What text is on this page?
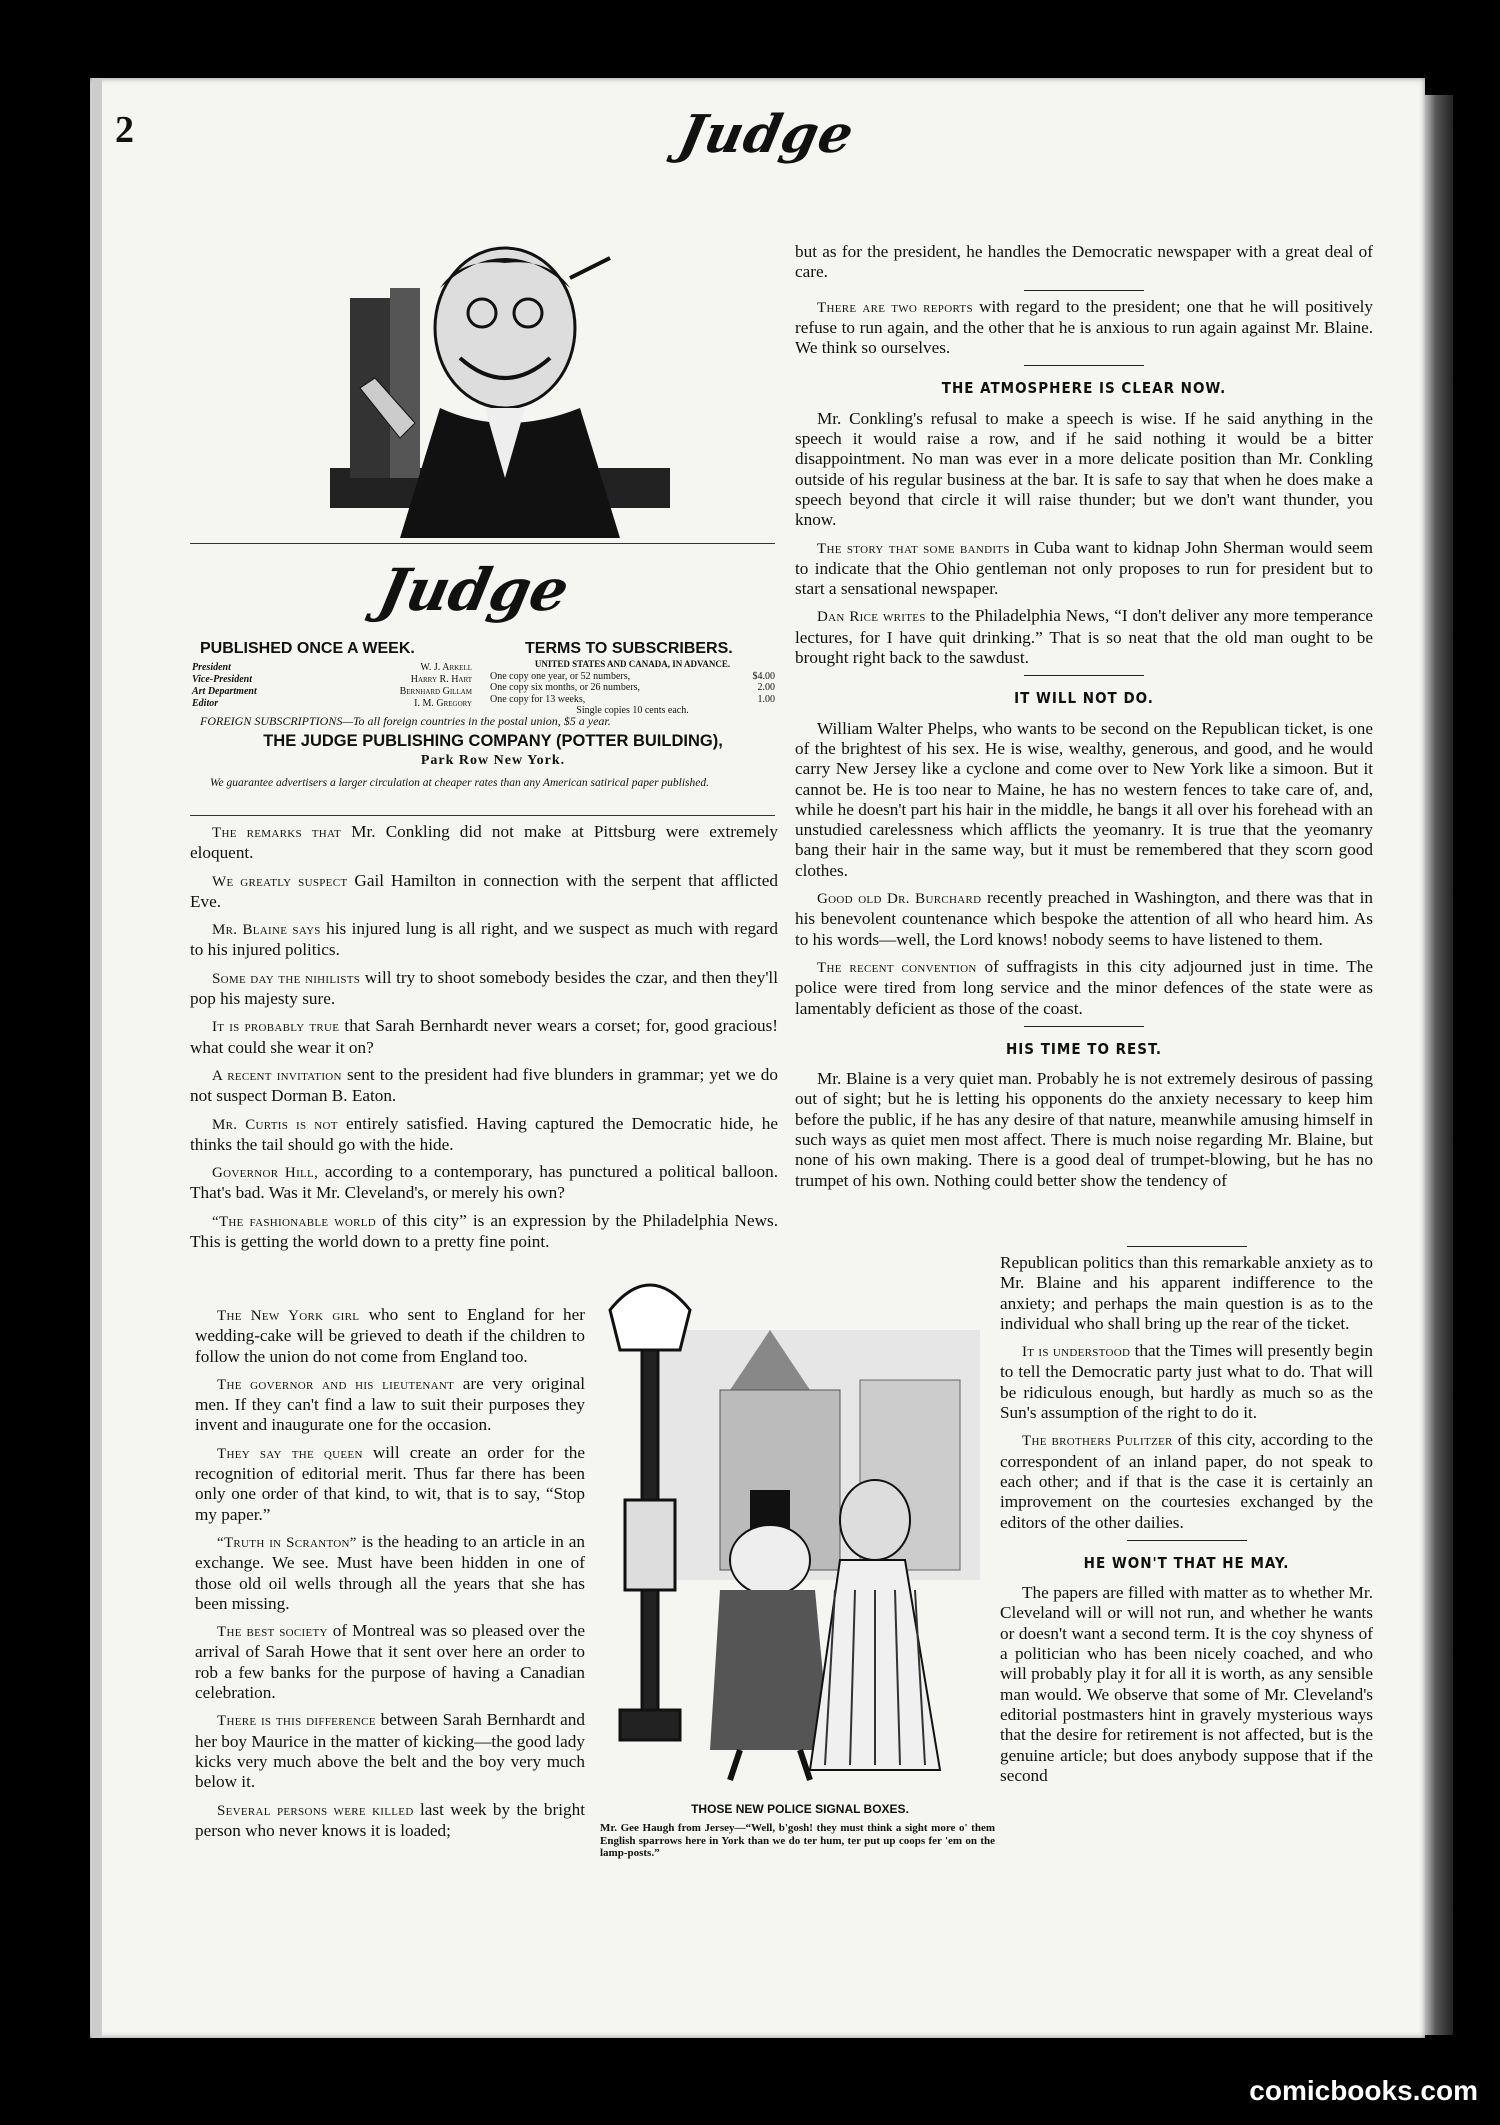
2	Judge
Judge
PUBLISHED ONCE A WEEK.	TERMS TO SUBSCRIBERS.
President	W. J. Arkell
Vice-President	Harry R. Hart
Art Department	Bernhard Gillam
Editor	I. M. Gregory
UNITED STATES AND CANADA, IN ADVANCE.
One copy one year, or 52 numbers,	$4.00
One copy six months, or 26 numbers,	2.00
One copy for 13 weeks,	1.00
Single copies 10 cents each.
FOREIGN SUBSCRIPTIONS—To all foreign countries in the postal union, $5 a year.
THE JUDGE PUBLISHING COMPANY (POTTER BUILDING),
Park Row New York.
We guarantee advertisers a larger circulation at cheaper rates than any American satirical paper published.

The remarks that Mr. Conkling did not make at Pittsburg were extremely eloquent.

We greatly suspect Gail Hamilton in connection with the serpent that afflicted Eve.

Mr. Blaine says his injured lung is all right, and we suspect as much with regard to his injured politics.

Some day the nihilists will try to shoot somebody besides the czar, and then they'll pop his majesty sure.

It is probably true that Sarah Bernhardt never wears a corset; for, good gracious! what could she wear it on?

A recent invitation sent to the president had five blunders in grammar; yet we do not suspect Dorman B. Eaton.

Mr. Curtis is not entirely satisfied. Having captured the Democratic hide, he thinks the tail should go with the hide.

Governor Hill, according to a contemporary, has punctured a political balloon. That's bad. Was it Mr. Cleveland's, or merely his own?

“The fashionable world of this city” is an expression by the Philadelphia News. This is getting the world down to a pretty fine point.

The New York girl who sent to England for her wedding-cake will be grieved to death if the children to follow the union do not come from England too.

The governor and his lieutenant are very original men. If they can't find a law to suit their purposes they invent and inaugurate one for the occasion.

They say the queen will create an order for the recognition of editorial merit. Thus far there has been only one order of that kind, to wit, that is to say, “Stop my paper.”

“Truth in Scranton” is the heading to an article in an exchange. We see. Must have been hidden in one of those old oil wells through all the years that she has been missing.

The best society of Montreal was so pleased over the arrival of Sarah Howe that it sent over here an order to rob a few banks for the purpose of having a Canadian celebration.

There is this difference between Sarah Bernhardt and her boy Maurice in the matter of kicking—the good lady kicks very much above the belt and the boy very much below it.

Several persons were killed last week by the bright person who never knows it is loaded;

but as for the president, he handles the Democratic newspaper with a great deal of care.

There are two reports with regard to the president; one that he will positively refuse to run again, and the other that he is anxious to run again against Mr. Blaine. We think so ourselves.

THE ATMOSPHERE IS CLEAR NOW.

Mr. Conkling's refusal to make a speech is wise. If he said anything in the speech it would raise a row, and if he said nothing it would be a bitter disappointment. No man was ever in a more delicate position than Mr. Conkling outside of his regular business at the bar. It is safe to say that when he does make a speech beyond that circle it will raise thunder; but we don't want thunder, you know.

The story that some bandits in Cuba want to kidnap John Sherman would seem to indicate that the Ohio gentleman not only proposes to run for president but to start a sensational newspaper.

Dan Rice writes to the Philadelphia News, “I don't deliver any more temperance lectures, for I have quit drinking.” That is so neat that the old man ought to be brought right back to the sawdust.

IT WILL NOT DO.

William Walter Phelps, who wants to be second on the Republican ticket, is one of the brightest of his sex. He is wise, wealthy, generous, and good, and he would carry New Jersey like a cyclone and come over to New York like a simoon. But it cannot be. He is too near to Maine, he has no western fences to take care of, and, while he doesn't part his hair in the middle, he bangs it all over his forehead with an unstudied carelessness which afflicts the yeomanry. It is true that the yeomanry bang their hair in the same way, but it must be remembered that they scorn good clothes.

Good old Dr. Burchard recently preached in Washington, and there was that in his benevolent countenance which bespoke the attention of all who heard him. As to his words—well, the Lord knows! nobody seems to have listened to them.

The recent convention of suffragists in this city adjourned just in time. The police were tired from long service and the minor defences of the state were as lamentably deficient as those of the coast.

HIS TIME TO REST.

Mr. Blaine is a very quiet man. Probably he is not extremely desirous of passing out of sight; but he is letting his opponents do the anxiety necessary to keep him before the public, if he has any desire of that nature, meanwhile amusing himself in such ways as quiet men most affect. There is much noise regarding Mr. Blaine, but none of his own making. There is a good deal of trumpet-blowing, but he has no trumpet of his own. Nothing could better show the tendency of

Republican politics than this remarkable anxiety as to Mr. Blaine and his apparent indifference to the anxiety; and perhaps the main question is as to the individual who shall bring up the rear of the ticket.

It is understood that the Times will presently begin to tell the Democratic party just what to do. That will be ridiculous enough, but hardly as much so as the Sun's assumption of the right to do it.

The brothers Pulitzer of this city, according to the correspondent of an inland paper, do not speak to each other; and if that is the case it is certainly an improvement on the courtesies exchanged by the editors of the other dailies.

HE WON'T THAT HE MAY.

The papers are filled with matter as to whether Mr. Cleveland will or will not run, and whether he wants or doesn't want a second term. It is the coy shyness of a politician who has been nicely coached, and who will probably play it for all it is worth, as any sensible man would. We observe that some of Mr. Cleveland's editorial postmasters hint in gravely mysterious ways that the desire for retirement is not affected, but is the genuine article; but does anybody suppose that if the second

THOSE NEW POLICE SIGNAL BOXES.
Mr. Gee Haugh from Jersey—“Well, b'gosh! they must think a sight more o' them English sparrows here in York than we do ter hum, ter put up coops fer 'em on the lamp-posts.”
comicbooks.com
